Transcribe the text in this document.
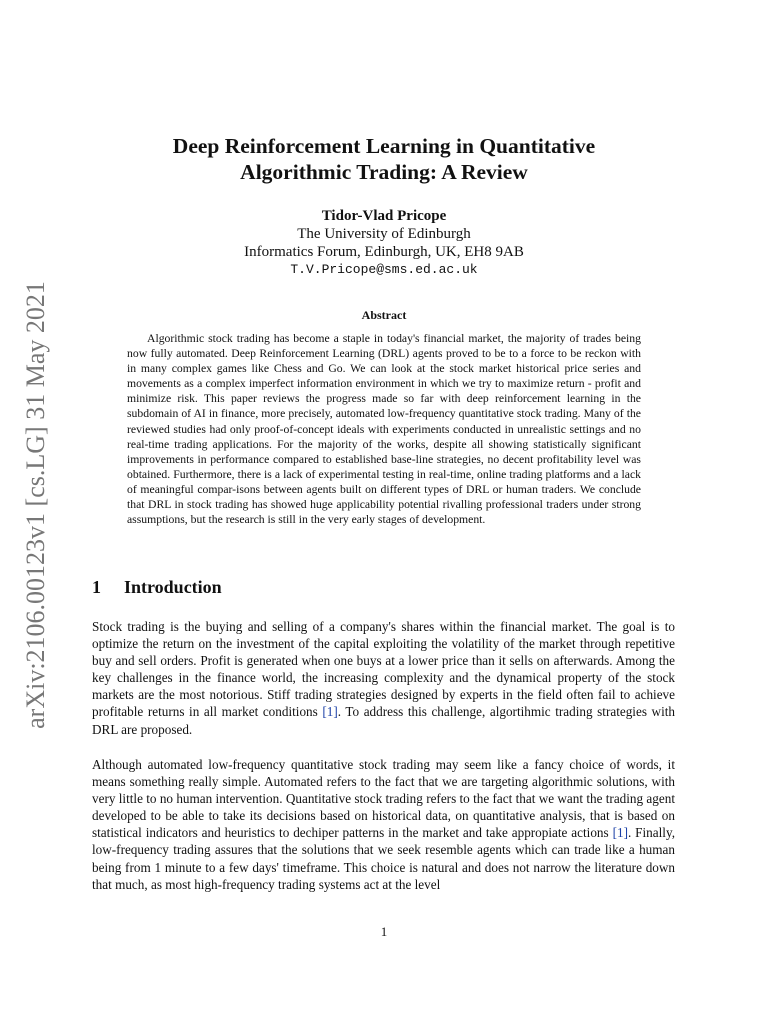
arXiv:2106.00123v1 [cs.LG] 31 May 2021
Deep Reinforcement Learning in Quantitative
Algorithmic Trading: A Review
Tidor-Vlad Pricope
The University of Edinburgh
Informatics Forum, Edinburgh, UK, EH8 9AB
T.V.Pricope@sms.ed.ac.uk
Abstract
Algorithmic stock trading has become a staple in today's financial market, the majority of trades being now fully automated. Deep Reinforcement Learning (DRL) agents proved to be to a force to be reckon with in many complex games like Chess and Go. We can look at the stock market historical price series and movements as a complex imperfect information environment in which we try to maximize return - profit and minimize risk. This paper reviews the progress made so far with deep reinforcement learning in the subdomain of AI in finance, more precisely, automated low-frequency quantitative stock trading. Many of the reviewed studies had only proof-of-concept ideals with experiments conducted in unrealistic settings and no real-time trading applications. For the majority of the works, despite all showing statistically significant improvements in performance compared to established base-line strategies, no decent profitability level was obtained. Furthermore, there is a lack of experimental testing in real-time, online trading platforms and a lack of meaningful compar-isons between agents built on different types of DRL or human traders. We conclude that DRL in stock trading has showed huge applicability potential rivalling professional traders under strong assumptions, but the research is still in the very early stages of development.
1 Introduction
Stock trading is the buying and selling of a company's shares within the financial market. The goal is to optimize the return on the investment of the capital exploiting the volatility of the market through repetitive buy and sell orders. Profit is generated when one buys at a lower price than it sells on afterwards. Among the key challenges in the finance world, the increasing complexity and the dynamical property of the stock markets are the most notorious. Stiff trading strategies designed by experts in the field often fail to achieve profitable returns in all market conditions [1]. To address this challenge, algortihmic trading strategies with DRL are proposed.
Although automated low-frequency quantitative stock trading may seem like a fancy choice of words, it means something really simple. Automated refers to the fact that we are targeting algorithmic solutions, with very little to no human intervention. Quantitative stock trading refers to the fact that we want the trading agent developed to be able to take its decisions based on historical data, on quantitative analysis, that is based on statistical indicators and heuristics to dechiper patterns in the market and take appropiate actions [1]. Finally, low-frequency trading assures that the solutions that we seek resemble agents which can trade like a human being from 1 minute to a few days' timeframe. This choice is natural and does not narrow the literature down that much, as most high-frequency trading systems act at the level
1
